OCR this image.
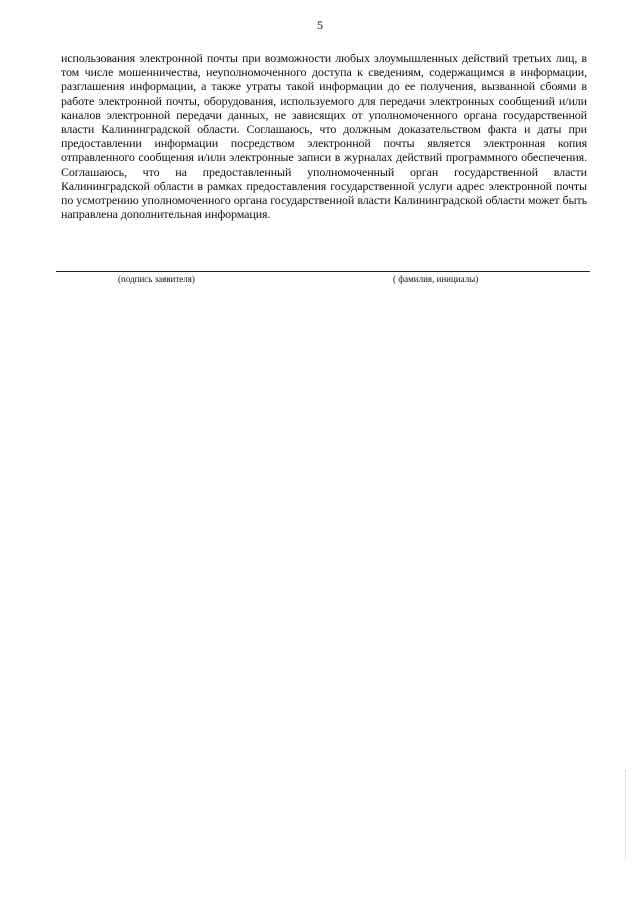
5

использования электронной почты при возможности любых злоумышленных действий третьих лиц, в том числе мошенничества, неуполномоченного доступа к сведениям, содержащимся в информации, разглашения информации, а также утраты такой информации до ее получения, вызванной сбоями в работе электронной почты, оборудования, используемого для передачи электронных сообщений и/или каналов электронной передачи данных, не зависящих от уполномоченного органа государственной власти Калининградской области. Соглашаюсь, что должным доказательством факта и даты при предоставлении информации посредством электронной почты является электронная копия отправленного сообщения и/или электронные записи в журналах действий программного обеспечения. Соглашаюсь, что на предоставленный уполномоченный орган государственной власти Калининградской области в рамках предоставления государственной услуги адрес электронной почты по усмотрению уполномоченного органа государственной власти Калининградской области может быть направлена дополнительная информация.

(подпись заявителя)	( фамилия, инициалы)
